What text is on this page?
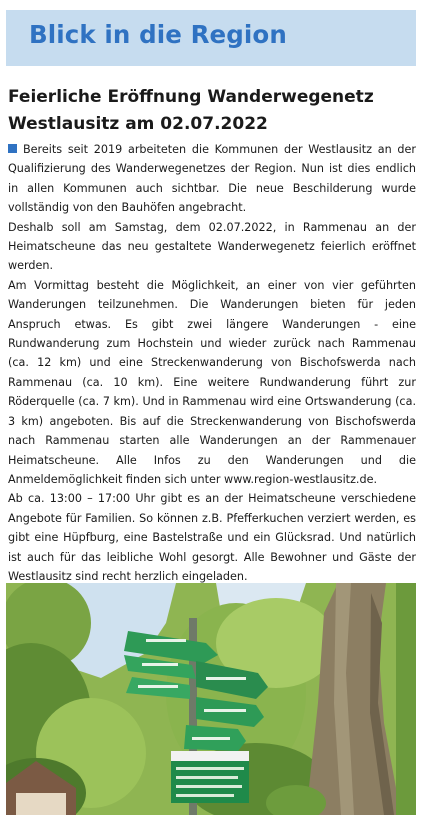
Blick in die Region
Feierliche Eröffnung Wanderwegenetz
Westlausitz am 02.07.2022

Bereits seit 2019 arbeiteten die Kommunen der Westlausitz an der Qualifizierung des Wanderwegenetzes der Region. Nun ist dies endlich in allen Kommunen auch sichtbar. Die neue Beschilderung wurde vollständig von den Bauhöfen angebracht.

Deshalb soll am Samstag, dem 02.07.2022, in Rammenau an der Heimatscheune das neu gestaltete Wanderwegenetz feierlich eröffnet werden.

Am Vormittag besteht die Möglichkeit, an einer von vier geführten Wanderungen teilzunehmen. Die Wanderungen bieten für jeden Anspruch etwas. Es gibt zwei längere Wanderungen - eine Rundwanderung zum Hochstein und wieder zurück nach Rammenau (ca. 12 km) und eine Streckenwanderung von Bischofswerda nach Rammenau (ca. 10 km). Eine weitere Rundwanderung führt zur Röderquelle (ca. 7 km). Und in Rammenau wird eine Ortswanderung (ca. 3 km) angeboten. Bis auf die Streckenwanderung von Bischofswerda nach Rammenau starten alle Wanderungen an der Rammenauer Heimatscheune. Alle Infos zu den Wanderungen und die Anmeldemöglichkeit finden sich unter www.region-westlausitz.de.

Ab ca. 13:00 – 17:00 Uhr gibt es an der Heimatscheune verschiedene Angebote für Familien. So können z.B. Pfefferkuchen verziert werden, es gibt eine Hüpfburg, eine Bastelstraße und ein Glücksrad. Und natürlich ist auch für das leibliche Wohl gesorgt. Alle Bewohner und Gäste der Westlausitz sind recht herzlich eingeladen.
